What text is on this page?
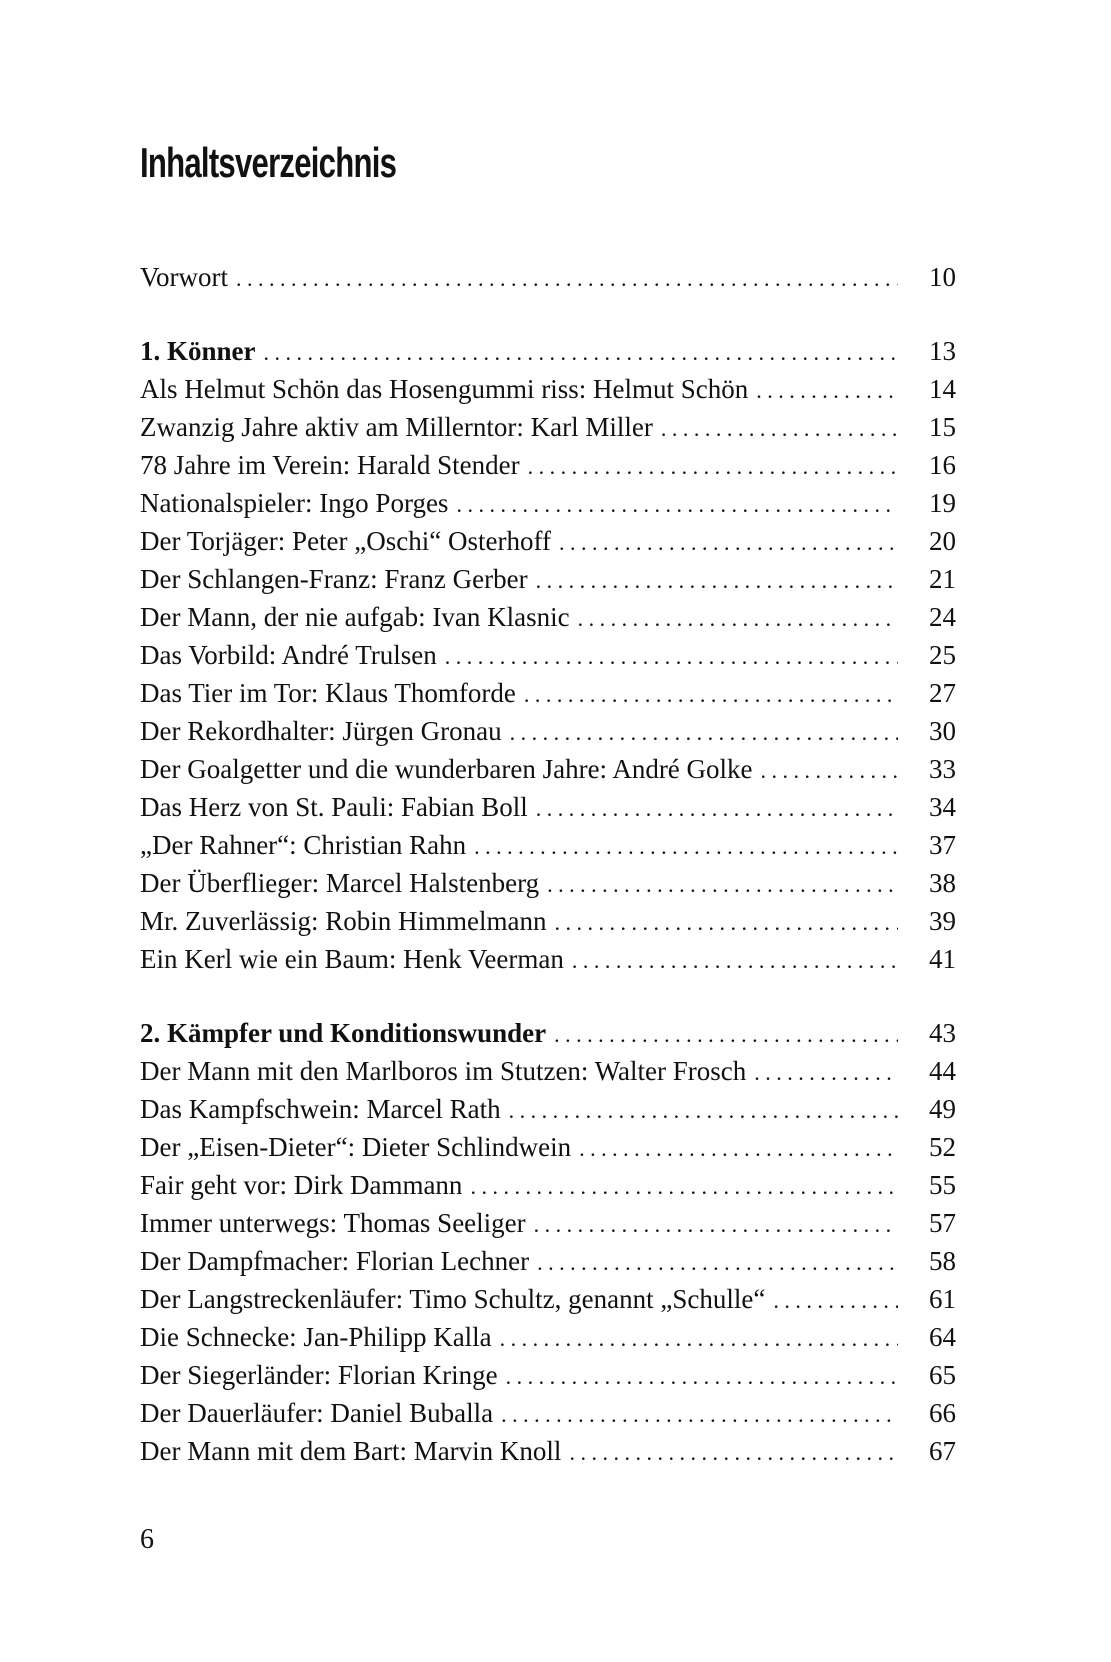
Inhaltsverzeichnis
Vorwort . . .	10
1. Könner . . .	13
Als Helmut Schön das Hosengummi riss: Helmut Schön . . .	14
Zwanzig Jahre aktiv am Millerntor: Karl Miller . . .	15
78 Jahre im Verein: Harald Stender . . .	16
Nationalspieler: Ingo Porges . . .	19
Der Torjäger: Peter „Oschi“ Osterhoff . . .	20
Der Schlangen-Franz: Franz Gerber . . .	21
Der Mann, der nie aufgab: Ivan Klasnic . . .	24
Das Vorbild: André Trulsen . . .	25
Das Tier im Tor: Klaus Thomforde . . .	27
Der Rekordhalter: Jürgen Gronau . . .	30
Der Goalgetter und die wunderbaren Jahre: André Golke . . .	33
Das Herz von St. Pauli: Fabian Boll . . .	34
„Der Rahner“: Christian Rahn . . .	37
Der Überflieger: Marcel Halstenberg . . .	38
Mr. Zuverlässig: Robin Himmelmann . . .	39
Ein Kerl wie ein Baum: Henk Veerman . . .	41
2. Kämpfer und Konditionswunder . . .	43
Der Mann mit den Marlboros im Stutzen: Walter Frosch . . .	44
Das Kampfschwein: Marcel Rath . . .	49
Der „Eisen-Dieter“: Dieter Schlindwein . . .	52
Fair geht vor: Dirk Dammann . . .	55
Immer unterwegs: Thomas Seeliger . . .	57
Der Dampfmacher: Florian Lechner . . .	58
Der Langstreckenläufer: Timo Schultz, genannt „Schulle“ . . .	61
Die Schnecke: Jan-Philipp Kalla . . .	64
Der Siegerländer: Florian Kringe . . .	65
Der Dauerläufer: Daniel Buballa . . .	66
Der Mann mit dem Bart: Marvin Knoll . . .	67
6
